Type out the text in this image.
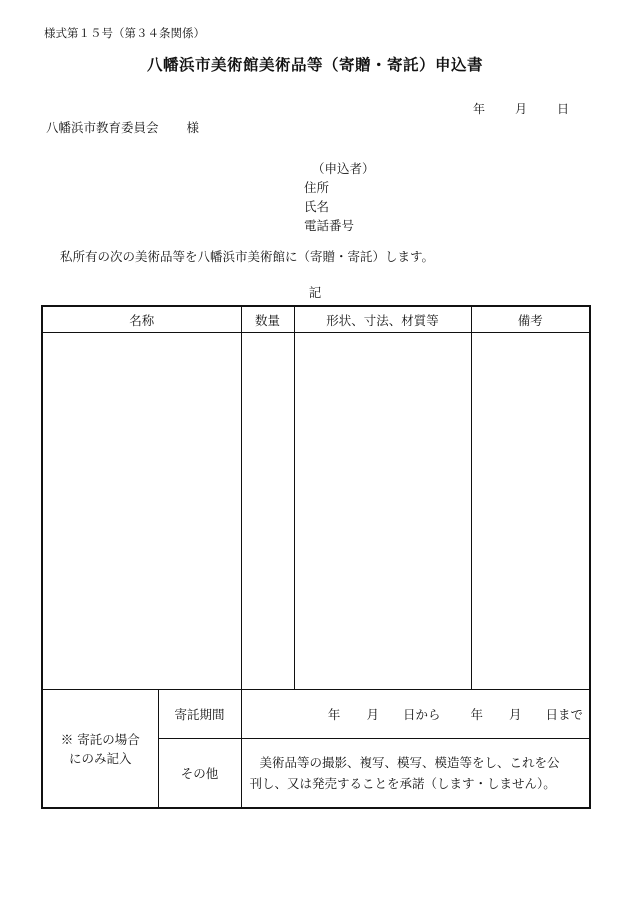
様式第１５号（第３４条関係）
八幡浜市美術館美術品等（寄贈・寄託）申込書
年	月	日
八幡浜市教育委員会 様
（申込者）
住所
氏名
電話番号
私所有の次の美術品等を八幡浜市美術館に（寄贈・寄託）します。
記
名称		数量	形状、寸法、材質等	備考

※ 寄託の場合
にのみ記入	寄託期間	年 月 日から 年 月 日まで		
	その他	美術品等の撮影、複写、模写、模造等をし、これを公
刊し、又は発売することを承諾（します・しません）。		
